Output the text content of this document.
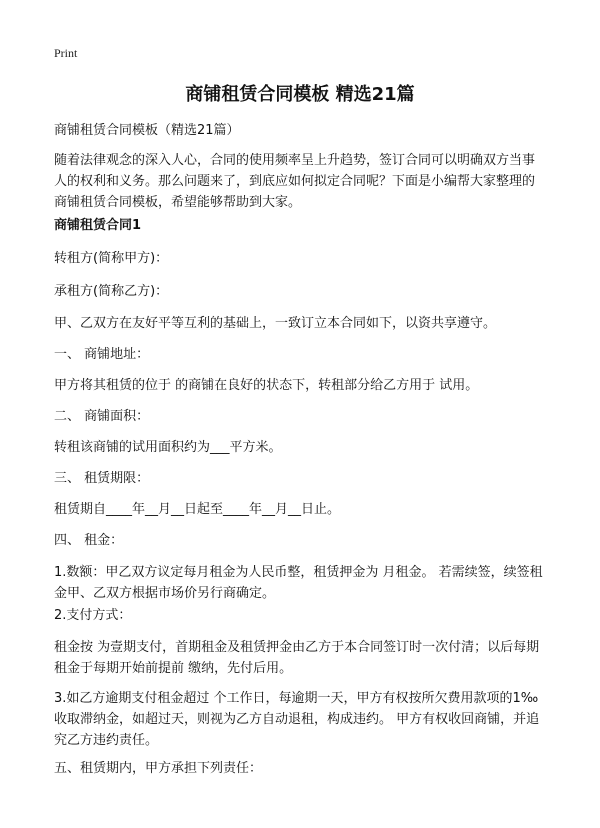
Print
商铺租赁合同模板 精选21篇
商铺租赁合同模板（精选21篇）
随着法律观念的深入人心，合同的使用频率呈上升趋势，签订合同可以明确双方当事人的权利和义务。那么问题来了，到底应如何拟定合同呢？下面是小编帮大家整理的商铺租赁合同模板，希望能够帮助到大家。
商铺租赁合同1
转租方(简称甲方)：
承租方(简称乙方)：
甲、乙双方在友好平等互利的基础上，一致订立本合同如下，以资共享遵守。
一、 商铺地址：
甲方将其租赁的位于 的商铺在良好的状态下，转租部分给乙方用于 试用。
二、 商铺面积：
转租该商铺的试用面积约为___平方米。
三、 租赁期限：
租赁期自____年__月__日起至____年__月__日止。
四、 租金：
1.数额：甲乙双方议定每月租金为人民币整，租赁押金为 月租金。 若需续签，续签租金甲、乙双方根据市场价另行商确定。
2.支付方式：
租金按 为壹期支付，首期租金及租赁押金由乙方于本合同签订时一次付清；以后每期租金于每期开始前提前 缴纳，先付后用。
3.如乙方逾期支付租金超过 个工作日，每逾期一天，甲方有权按所欠费用款项的1‰收取滞纳金，如超过天，则视为乙方自动退租，构成违约。 甲方有权收回商铺，并追究乙方违约责任。
五、租赁期内，甲方承担下列责任：
